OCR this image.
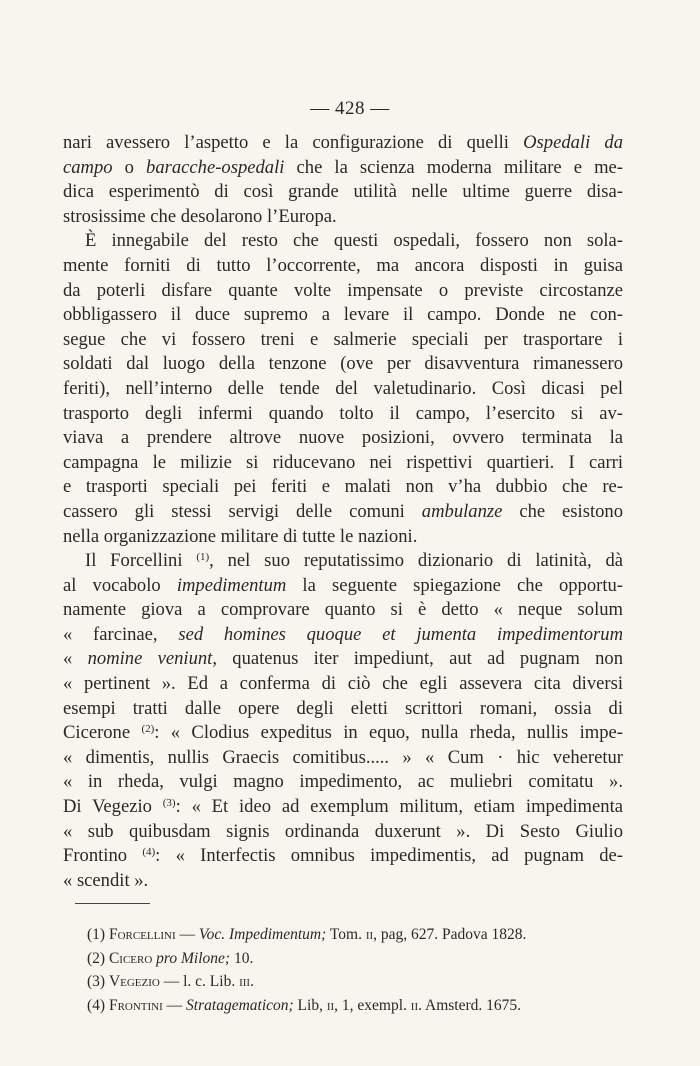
— 428 —
nari avessero l’aspetto e la configurazione di quelli Ospedali da
campo o baracche-ospedali che la scienza moderna militare e me-
dica esperimentò di così grande utilità nelle ultime guerre disa-
strosissime che desolarono l’Europa.
È innegabile del resto che questi ospedali, fossero non sola-
mente forniti di tutto l’occorrente, ma ancora disposti in guisa
da poterli disfare quante volte impensate o previste circostanze
obbligassero il duce supremo a levare il campo. Donde ne con-
segue che vi fossero treni e salmerie speciali per trasportare i
soldati dal luogo della tenzone (ove per disavventura rimanessero
feriti), nell’interno delle tende del valetudinario. Così dicasi pel
trasporto degli infermi quando tolto il campo, l’esercito si av-
viava a prendere altrove nuove posizioni, ovvero terminata la
campagna le milizie si riducevano nei rispettivi quartieri. I carri
e trasporti speciali pei feriti e malati non v’ha dubbio che re-
cassero gli stessi servigi delle comuni ambulanze che esistono
nella organizzazione militare di tutte le nazioni.
Il Forcellini $^{(1)}$, nel suo reputatissimo dizionario di latinità, dà
al vocabolo impedimentum la seguente spiegazione che opportu-
namente giova a comprovare quanto si è detto « neque solum
« farcinae, sed homines quoque et jumenta impedimentorum
« nomine veniunt, quatenus iter impediunt, aut ad pugnam non
« pertinent ». Ed a conferma di ciò che egli assevera cita diversi
esempi tratti dalle opere degli eletti scrittori romani, ossia di
Cicerone $^{(2)}$: « Clodius expeditus in equo, nulla rheda, nullis impe-
« dimentis, nullis Graecis comitibus..... » « Cum · hic veheretur
« in rheda, vulgi magno impedimento, ac muliebri comitatu ».
Di Vegezio $^{(3)}$: « Et ideo ad exemplum militum, etiam impedimenta
« sub quibusdam signis ordinanda duxerunt ». Di Sesto Giulio
Frontino $^{(4)}$: « Interfectis omnibus impedimentis, ad pugnam de-
« scendit ».
(1) Forcellini — Voc. Impedimentum; Tom. ii, pag, 627. Padova 1828.
(2) Cicero pro Milone; 10.
(3) Vegezio — l. c. Lib. iii.
(4) Frontini — Stratagematicon; Lib, ii, 1, exempl. ii. Amsterd. 1675.
